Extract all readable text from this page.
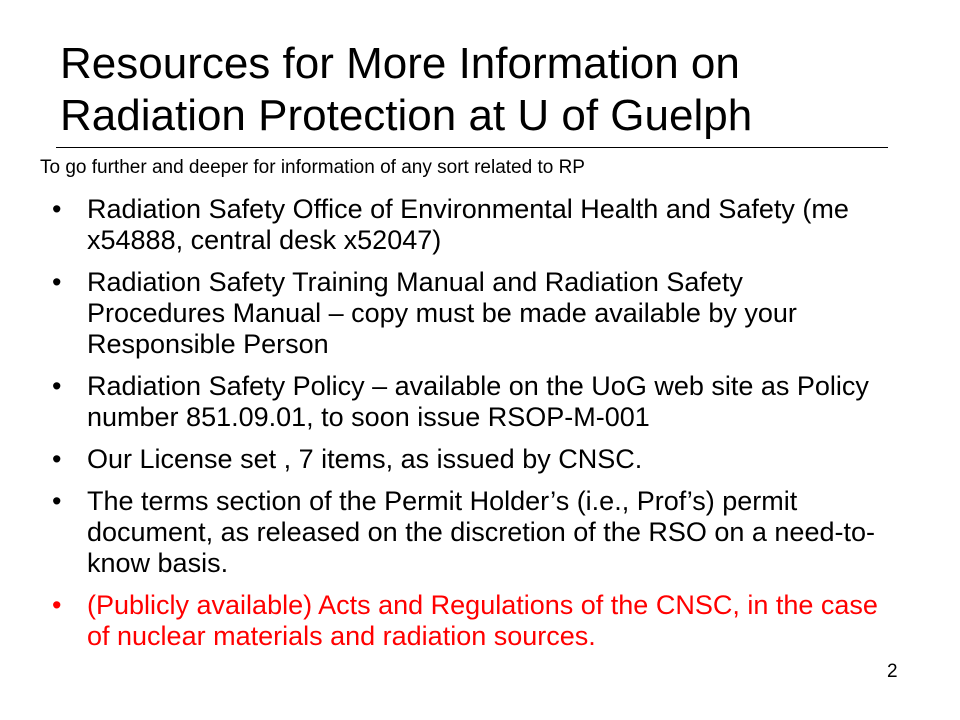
Resources for More Information on Radiation Protection at U of Guelph

To go further and deeper for information of any sort related to RP

• Radiation Safety Office of Environmental Health and Safety (me x54888, central desk x52047)
• Radiation Safety Training Manual and Radiation Safety Procedures Manual – copy must be made available by your Responsible Person
• Radiation Safety Policy – available on the UoG web site as Policy number 851.09.01, to soon issue RSOP-M-001
• Our License set , 7 items, as issued by CNSC.
• The terms section of the Permit Holder’s (i.e., Prof’s) permit document, as released on the discretion of the RSO on a need-to-know basis.
• (Publicly available) Acts and Regulations of the CNSC, in the case of nuclear materials and radiation sources.
2
